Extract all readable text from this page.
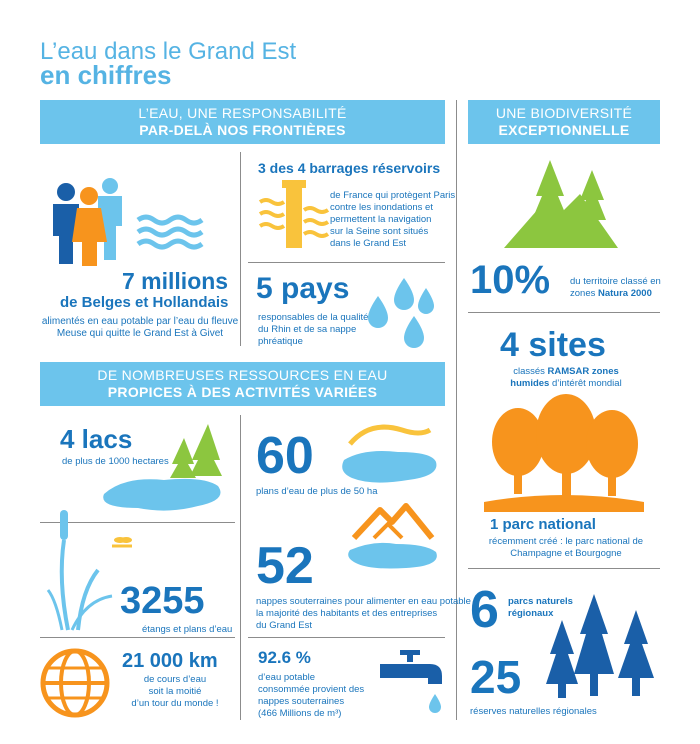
L’eau dans le Grand Est
en chiffres
L’EAU, UNE RESPONSABILITÉ
PAR-DELÀ NOS FRONTIÈRES
UNE BIODIVERSITÉ
EXCEPTIONNELLE
DE NOMBREUSES RESSOURCES EN EAU
PROPICES À DES ACTIVITÉS VARIÉES
7 millions
de Belges et Hollandais
alimentés en eau potable par l’eau du fleuve
Meuse qui quitte le Grand Est à Givet
3 des 4 barrages réservoirs
de France qui protègent Paris
contre les inondations et
permettent la navigation
sur la Seine sont situés
dans le Grand Est
5 pays
responsables de la qualité
du Rhin et de sa nappe
phréatique
10% du territoire classé en
zones Natura 2000
4 sites
classés RAMSAR zones
humides d’intérêt mondial
1 parc national
récemment créé : le parc national de
Champagne et Bourgogne
6 parcs naturels
régionaux
25
réserves naturelles régionales
4 lacs
de plus de 1000 hectares 60
plans d’eau de plus de 50 ha
52
nappes souterraines pour alimenter en eau potable
la majorité des habitants et des entreprises
du Grand Est
3255
étangs et plans d’eau
21 000 km
de cours d’eau
soit la moitié
d’un tour du monde !
92.6 %
d’eau potable
consommée provient des
nappes souterraines
(466 Millions de m³)
